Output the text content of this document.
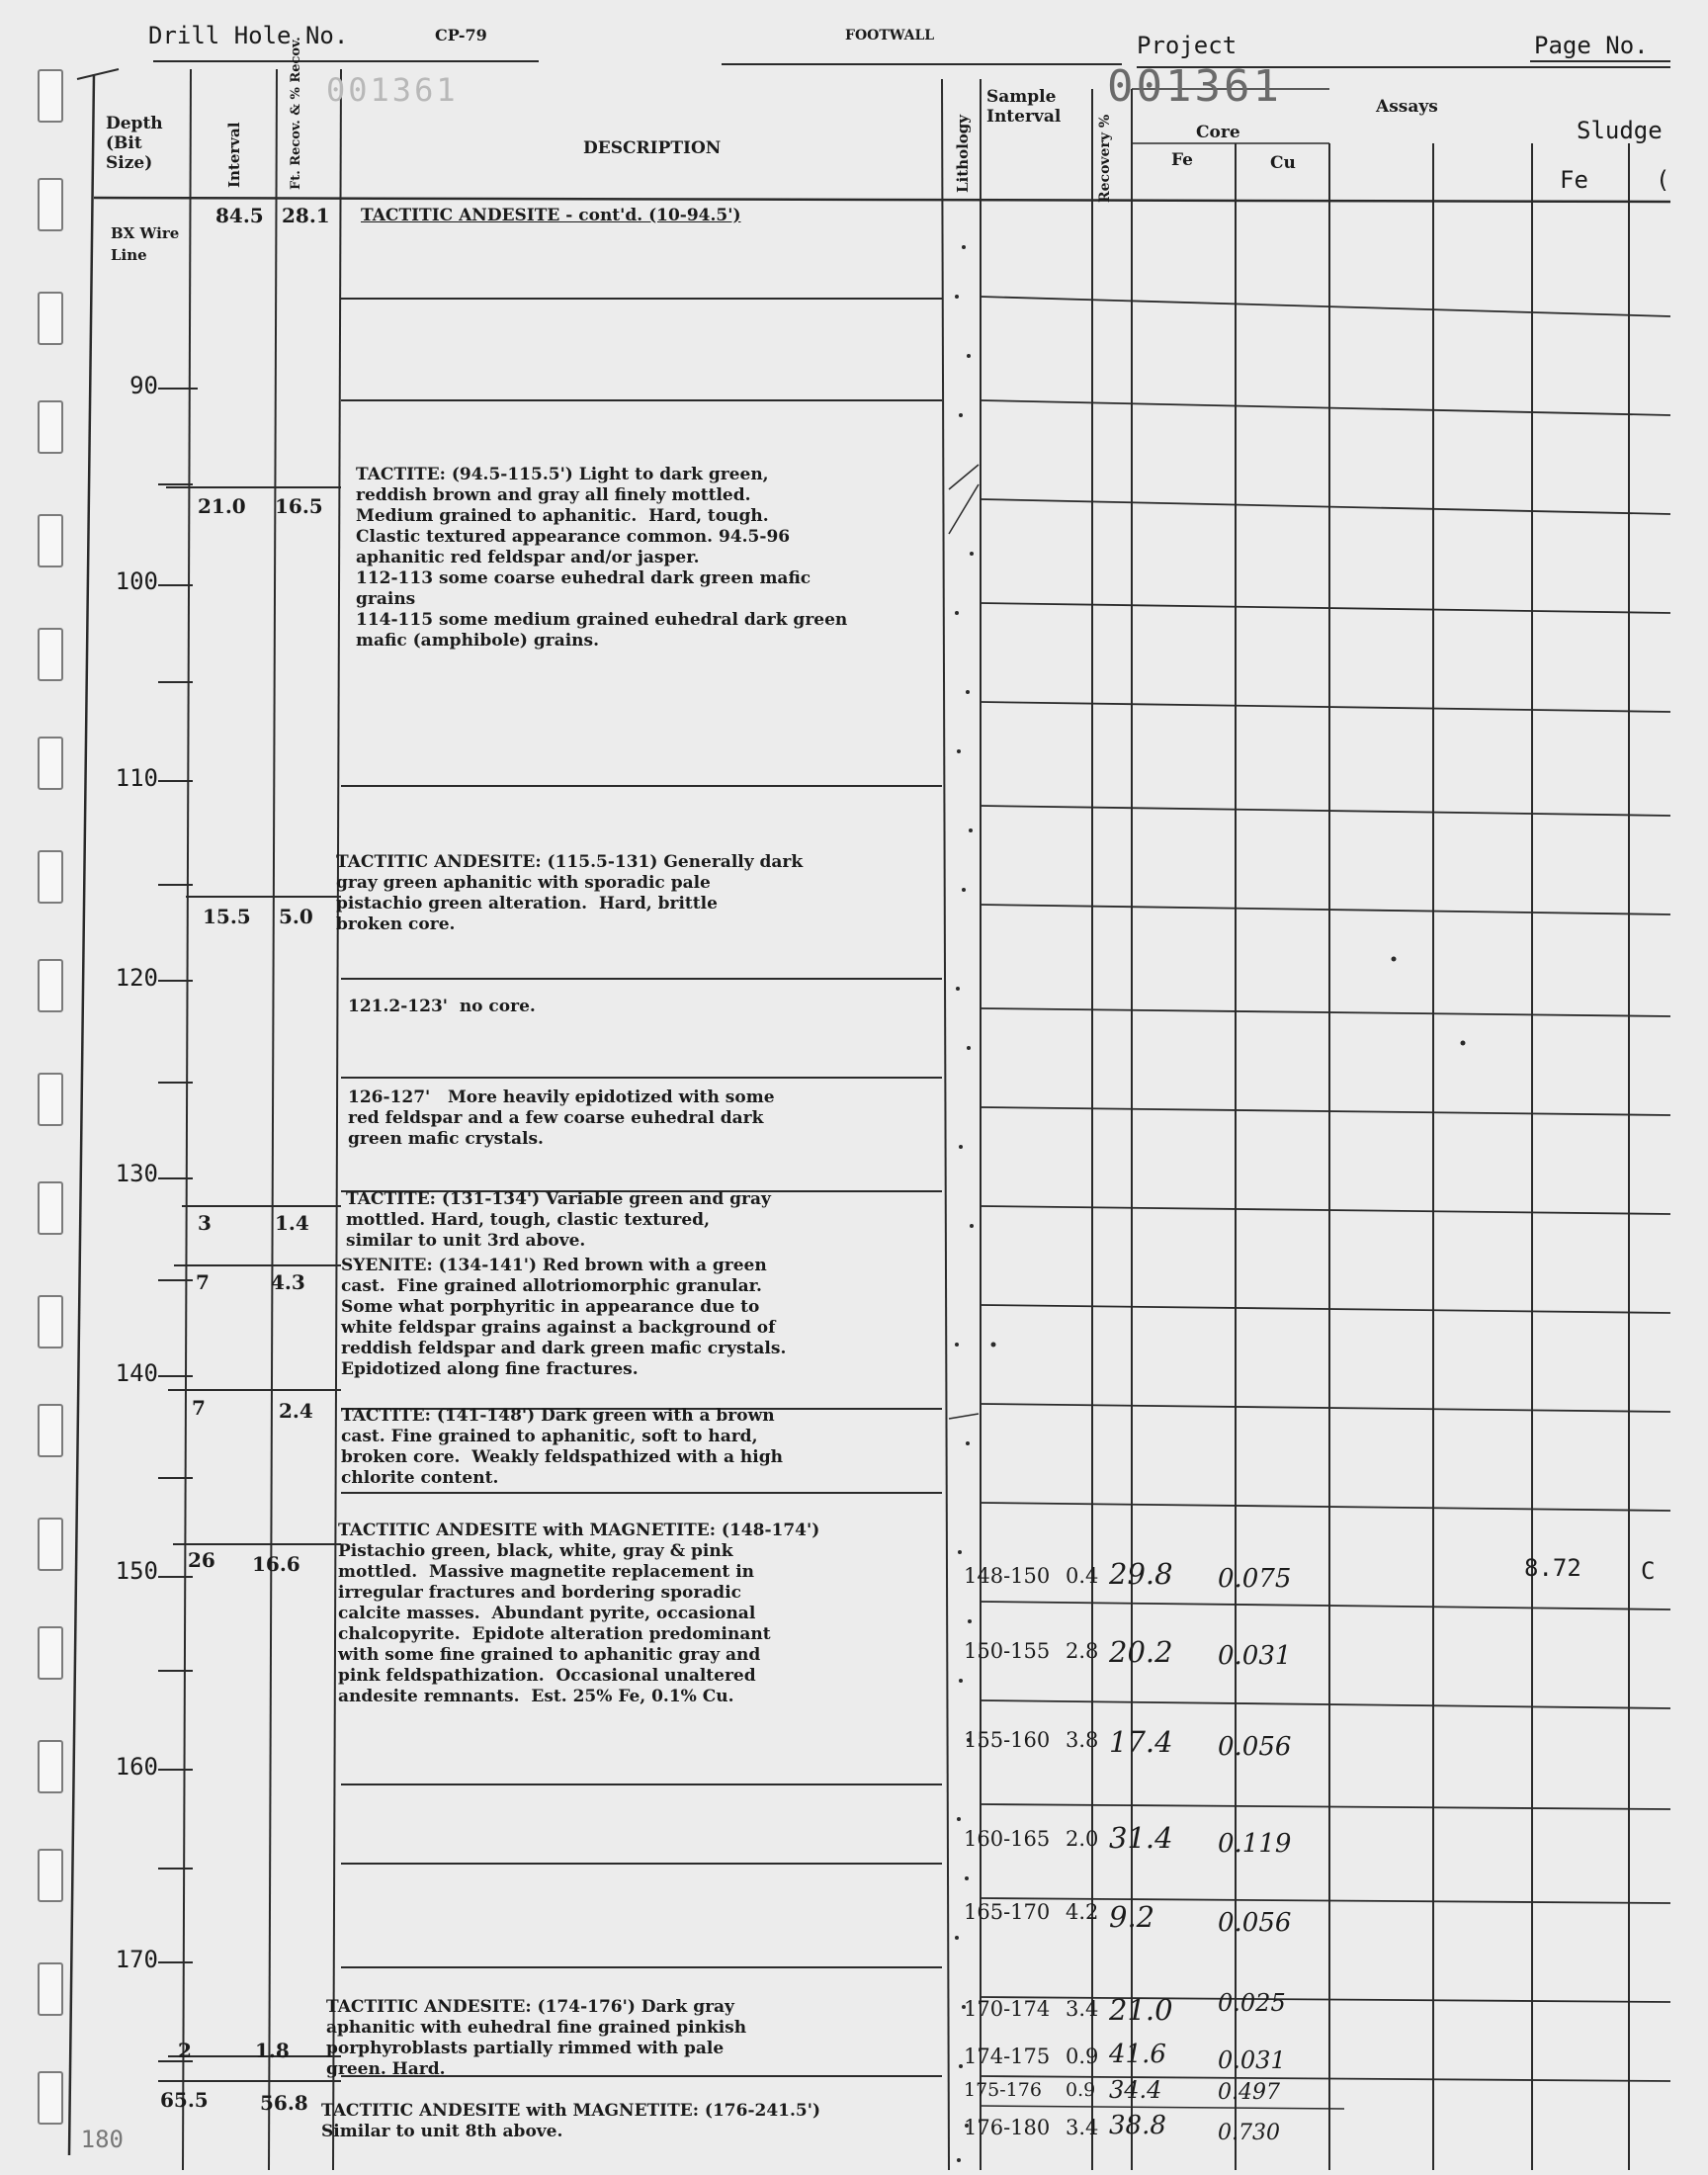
Drill Hole No.	CP-79	FOOTWALL	Project	Page No.
001361
001361
Depth
(Bit
Size)	Interval	Ft. Recov. & % Recov.	DESCRIPTION	Lithology
Sample
Interval	Recovery %
Assays
Core
Fe	Cu
Sludge
Fe	(
BX Wire
Line
90
100
110
120
130
140
150
160
170
180
84.5 28.1
21.0 16.5
15.5 5.0
3	1.4
7	4.3
7	2.4
26 16.6
2	1.8
65.5	56.8
TACTITIC ANDESITE - cont'd. (10-94.5')
TACTITE: (94.5-115.5') Light to dark green,
reddish brown and gray all finely mottled.
Medium grained to aphanitic.  Hard, tough.
Clastic textured appearance common. 94.5-96
aphanitic red feldspar and/or jasper.
112-113 some coarse euhedral dark green mafic
grains
114-115 some medium grained euhedral dark green
mafic (amphibole) grains.
TACTITIC ANDESITE: (115.5-131) Generally dark
gray green aphanitic with sporadic pale
pistachio green alteration.  Hard, brittle
broken core.
121.2-123'  no core.
126-127'   More heavily epidotized with some
red feldspar and a few coarse euhedral dark
green mafic crystals.
TACTITE: (131-134') Variable green and gray
mottled. Hard, tough, clastic textured,
similar to unit 3rd above.
SYENITE: (134-141') Red brown with a green
cast.  Fine grained allotriomorphic granular.
Some what porphyritic in appearance due to
white feldspar grains against a background of
reddish feldspar and dark green mafic crystals.
Epidotized along fine fractures.
TACTITE: (141-148') Dark green with a brown
cast. Fine grained to aphanitic, soft to hard,
broken core.  Weakly feldspathized with a high
chlorite content.
TACTITIC ANDESITE with MAGNETITE: (148-174')
Pistachio green, black, white, gray & pink
mottled.  Massive magnetite replacement in
irregular fractures and bordering sporadic
calcite masses.  Abundant pyrite, occasional
chalcopyrite.  Epidote alteration predominant
with some fine grained to aphanitic gray and
pink feldspathization.  Occasional unaltered
andesite remnants.  Est. 25% Fe, 0.1% Cu.
TACTITIC ANDESITE: (174-176') Dark gray
aphanitic with euhedral fine grained pinkish
porphyroblasts partially rimmed with pale
green. Hard.
TACTITIC ANDESITE with MAGNETITE: (176-241.5')
Similar to unit 8th above.
148-150 0.4 29.8 0.075	8.72	C
150-155 2.8 20.2 0.031
155-160 3.8 17.4 0.056
160-165 2.0 31.4 0.119
165-170 4.2 9.2 0.056
170-174 3.4 21.0 0.025
174-175 0.9 41.6 0.031
175-176 0.9 34.4	0.497
176-180 3.4 38.8 0.730
